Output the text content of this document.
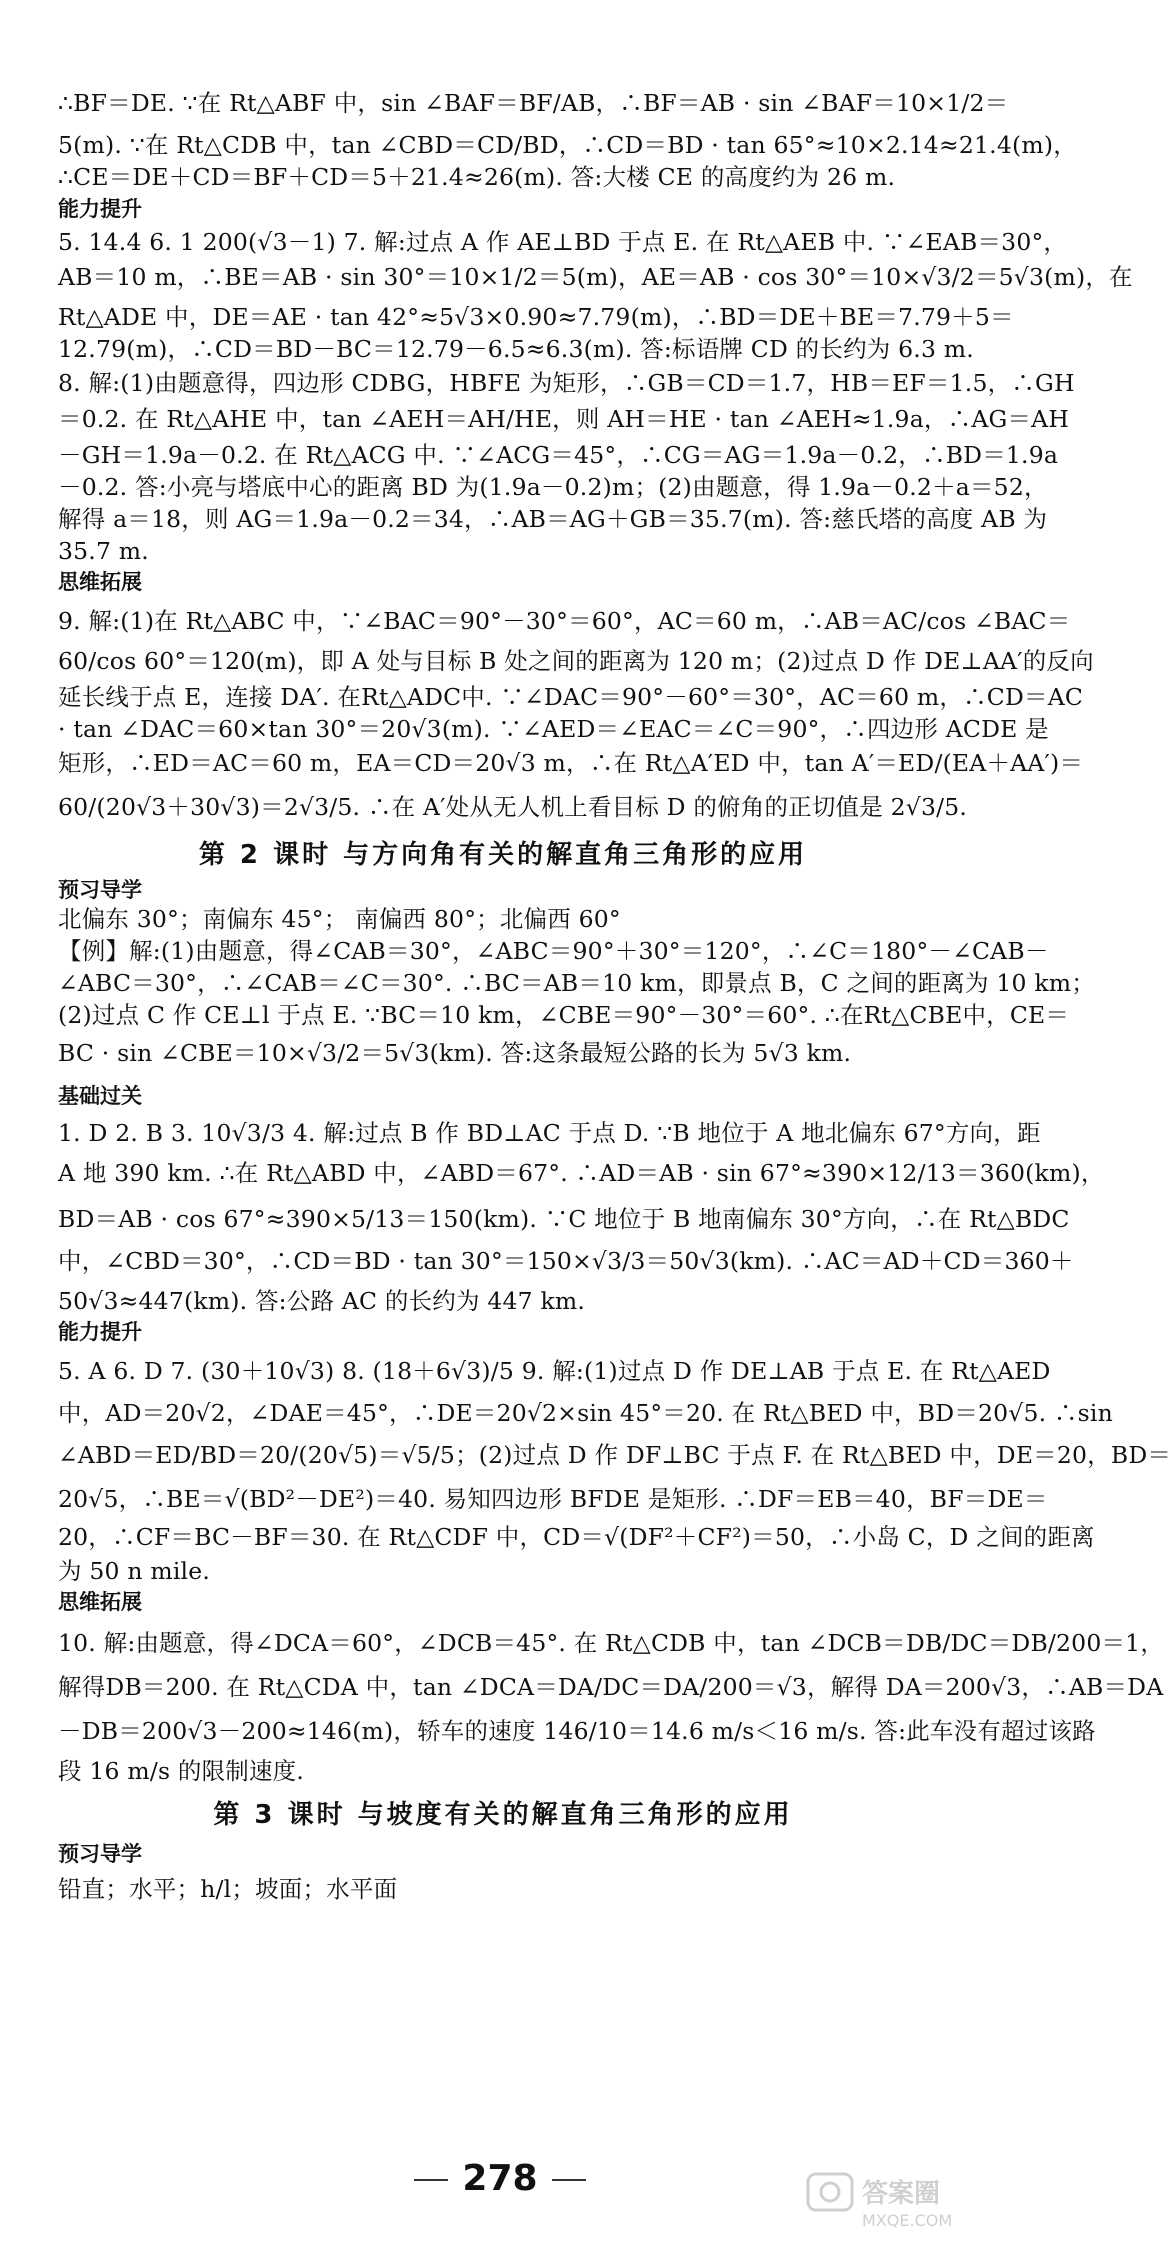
∴BF＝DE. ∵在 Rt△ABF 中，sin ∠BAF＝BF/AB，∴BF＝AB · sin ∠BAF＝10×1/2＝
5(m). ∵在 Rt△CDB 中，tan ∠CBD＝CD/BD，∴CD＝BD · tan 65°≈10×2.14≈21.4(m)，
∴CE＝DE＋CD＝BF＋CD＝5＋21.4≈26(m). 答:大楼 CE 的高度约为 26 m.
能力提升
5. 14.4 6. 1 200(√3－1) 7. 解:过点 A 作 AE⊥BD 于点 E. 在 Rt△AEB 中. ∵∠EAB＝30°，
AB＝10 m，∴BE＝AB · sin 30°＝10×1/2＝5(m)，AE＝AB · cos 30°＝10×√3/2＝5√3(m)，在
Rt△ADE 中，DE＝AE · tan 42°≈5√3×0.90≈7.79(m)，∴BD＝DE＋BE＝7.79＋5＝
12.79(m)，∴CD＝BD－BC＝12.79－6.5≈6.3(m). 答:标语牌 CD 的长约为 6.3 m.
8. 解:(1)由题意得，四边形 CDBG，HBFE 为矩形，∴GB＝CD＝1.7，HB＝EF＝1.5，∴GH
＝0.2. 在 Rt△AHE 中，tan ∠AEH＝AH/HE，则 AH＝HE · tan ∠AEH≈1.9a，∴AG＝AH
－GH＝1.9a－0.2. 在 Rt△ACG 中. ∵∠ACG＝45°，∴CG＝AG＝1.9a－0.2，∴BD＝1.9a
－0.2. 答:小亮与塔底中心的距离 BD 为(1.9a－0.2)m；(2)由题意，得 1.9a－0.2＋a＝52，
解得 a＝18，则 AG＝1.9a－0.2＝34，∴AB＝AG＋GB＝35.7(m). 答:慈氏塔的高度 AB 为
35.7 m.
思维拓展
9. 解:(1)在 Rt△ABC 中，∵∠BAC＝90°－30°＝60°，AC＝60 m，∴AB＝AC/cos ∠BAC＝
60/cos 60°＝120(m)，即 A 处与目标 B 处之间的距离为 120 m；(2)过点 D 作 DE⊥AA′的反向
延长线于点 E，连接 DA′. 在Rt△ADC中. ∵∠DAC＝90°－60°＝30°，AC＝60 m，∴CD＝AC
· tan ∠DAC＝60×tan 30°＝20√3(m). ∵∠AED＝∠EAC＝∠C＝90°，∴四边形 ACDE 是
矩形，∴ED＝AC＝60 m，EA＝CD＝20√3 m，∴在 Rt△A′ED 中，tan A′＝ED/(EA＋AA′)＝
60/(20√3＋30√3)＝2√3/5. ∴在 A′处从无人机上看目标 D 的俯角的正切值是 2√3/5.
第 2 课时 与方向角有关的解直角三角形的应用
预习导学
北偏东 30°；南偏东 45°； 南偏西 80°；北偏西 60°
【例】解:(1)由题意，得∠CAB＝30°，∠ABC＝90°＋30°＝120°，∴∠C＝180°－∠CAB－
∠ABC＝30°，∴∠CAB＝∠C＝30°. ∴BC＝AB＝10 km，即景点 B，C 之间的距离为 10 km；
(2)过点 C 作 CE⊥l 于点 E. ∵BC＝10 km，∠CBE＝90°－30°＝60°. ∴在Rt△CBE中，CE＝
BC · sin ∠CBE＝10×√3/2＝5√3(km). 答:这条最短公路的长为 5√3 km.
基础过关
1. D 2. B 3. 10√3/3 4. 解:过点 B 作 BD⊥AC 于点 D. ∵B 地位于 A 地北偏东 67°方向，距
A 地 390 km. ∴在 Rt△ABD 中，∠ABD＝67°. ∴AD＝AB · sin 67°≈390×12/13＝360(km)，
BD＝AB · cos 67°≈390×5/13＝150(km). ∵C 地位于 B 地南偏东 30°方向，∴在 Rt△BDC
中，∠CBD＝30°，∴CD＝BD · tan 30°＝150×√3/3＝50√3(km). ∴AC＝AD＋CD＝360＋
50√3≈447(km). 答:公路 AC 的长约为 447 km.
能力提升
5. A 6. D 7. (30＋10√3) 8. (18＋6√3)/5 9. 解:(1)过点 D 作 DE⊥AB 于点 E. 在 Rt△AED
中，AD＝20√2，∠DAE＝45°，∴DE＝20√2×sin 45°＝20. 在 Rt△BED 中，BD＝20√5. ∴sin
∠ABD＝ED/BD＝20/(20√5)＝√5/5；(2)过点 D 作 DF⊥BC 于点 F. 在 Rt△BED 中，DE＝20，BD＝
20√5，∴BE＝√(BD²－DE²)＝40. 易知四边形 BFDE 是矩形. ∴DF＝EB＝40，BF＝DE＝
20，∴CF＝BC－BF＝30. 在 Rt△CDF 中，CD＝√(DF²＋CF²)＝50，∴小岛 C，D 之间的距离
为 50 n mile.
思维拓展
10. 解:由题意，得∠DCA＝60°，∠DCB＝45°. 在 Rt△CDB 中，tan ∠DCB＝DB/DC＝DB/200＝1，
解得DB＝200. 在 Rt△CDA 中，tan ∠DCA＝DA/DC＝DA/200＝√3，解得 DA＝200√3，∴AB＝DA
－DB＝200√3－200≈146(m)，轿车的速度 146/10＝14.6 m/s＜16 m/s. 答:此车没有超过该路
段 16 m/s 的限制速度.
第 3 课时 与坡度有关的解直角三角形的应用
预习导学
铅直；水平；h/l；坡面；水平面
278	答案圈
MXQE.COM
